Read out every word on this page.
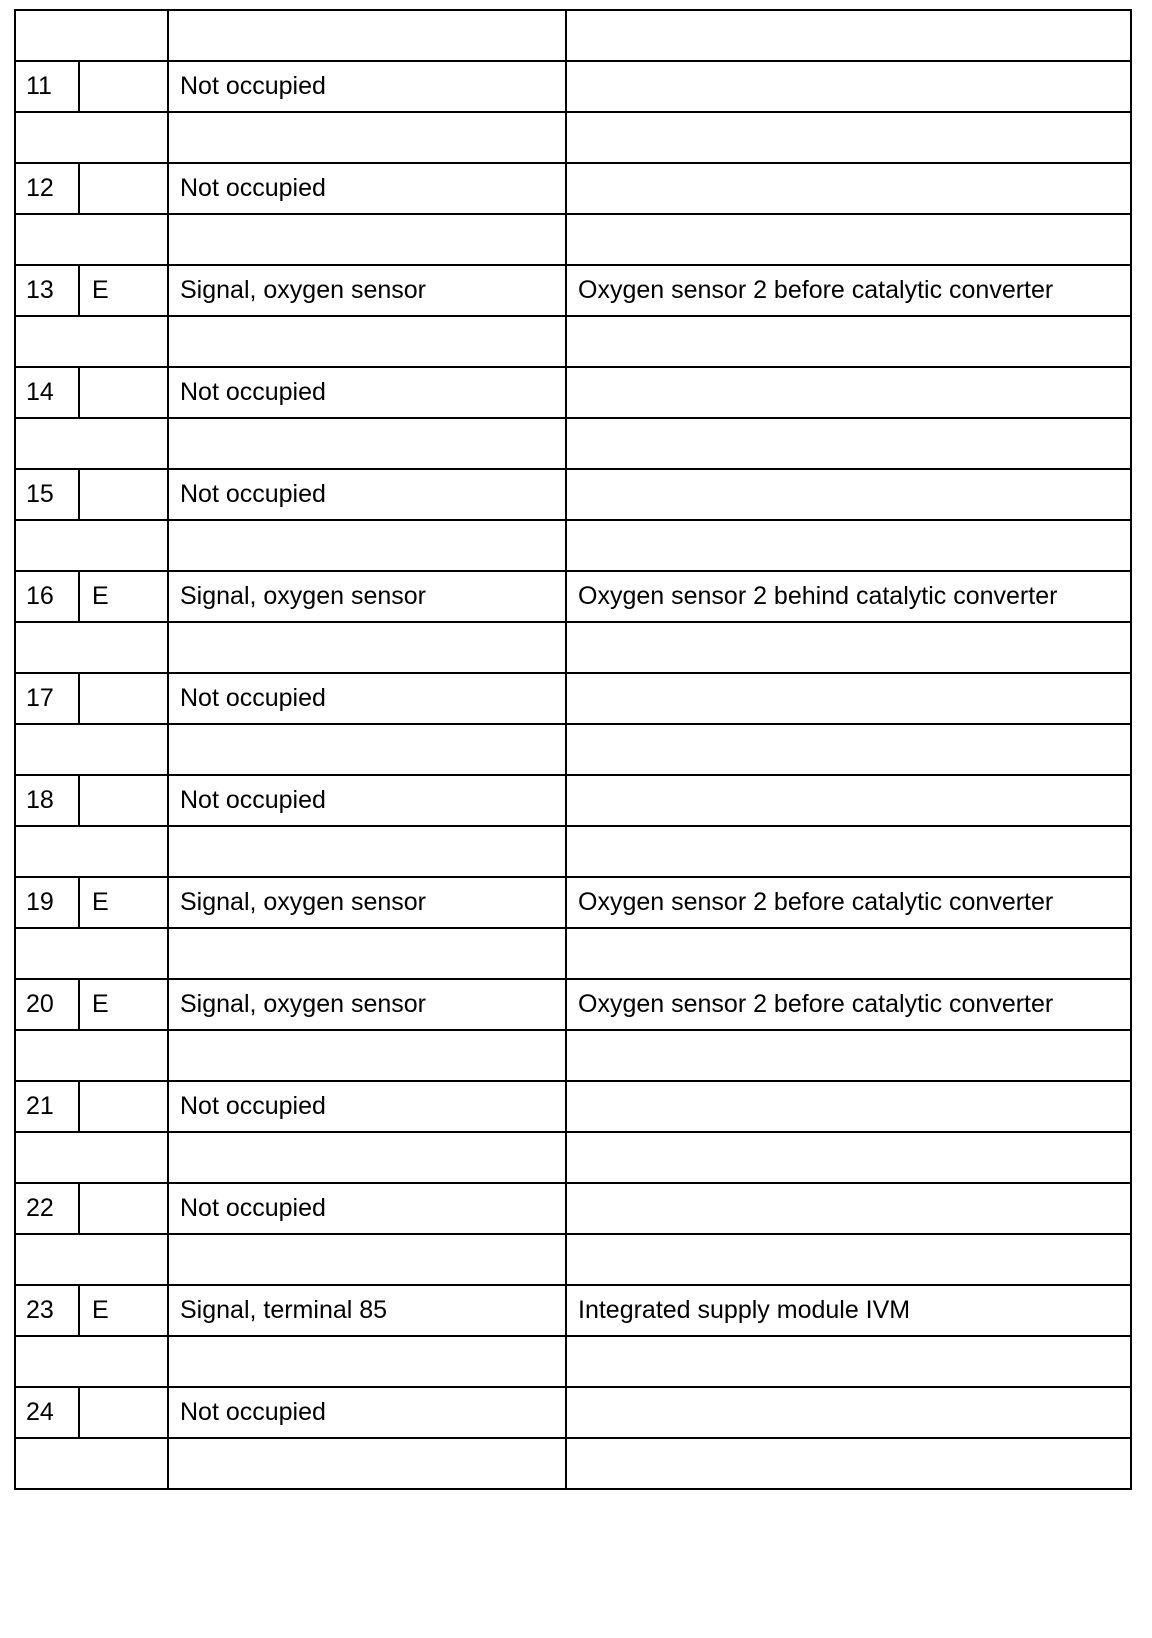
11		Not occupied	

12		Not occupied	

13	E	Signal, oxygen sensor	Oxygen sensor 2 before catalytic converter

14		Not occupied	

15		Not occupied	

16	E	Signal, oxygen sensor	Oxygen sensor 2 behind catalytic converter

17		Not occupied	

18		Not occupied	

19	E	Signal, oxygen sensor	Oxygen sensor 2 before catalytic converter

20	E	Signal, oxygen sensor	Oxygen sensor 2 before catalytic converter

21		Not occupied	

22		Not occupied	

23	E	Signal, terminal 85	Integrated supply module IVM

24		Not occupied	
